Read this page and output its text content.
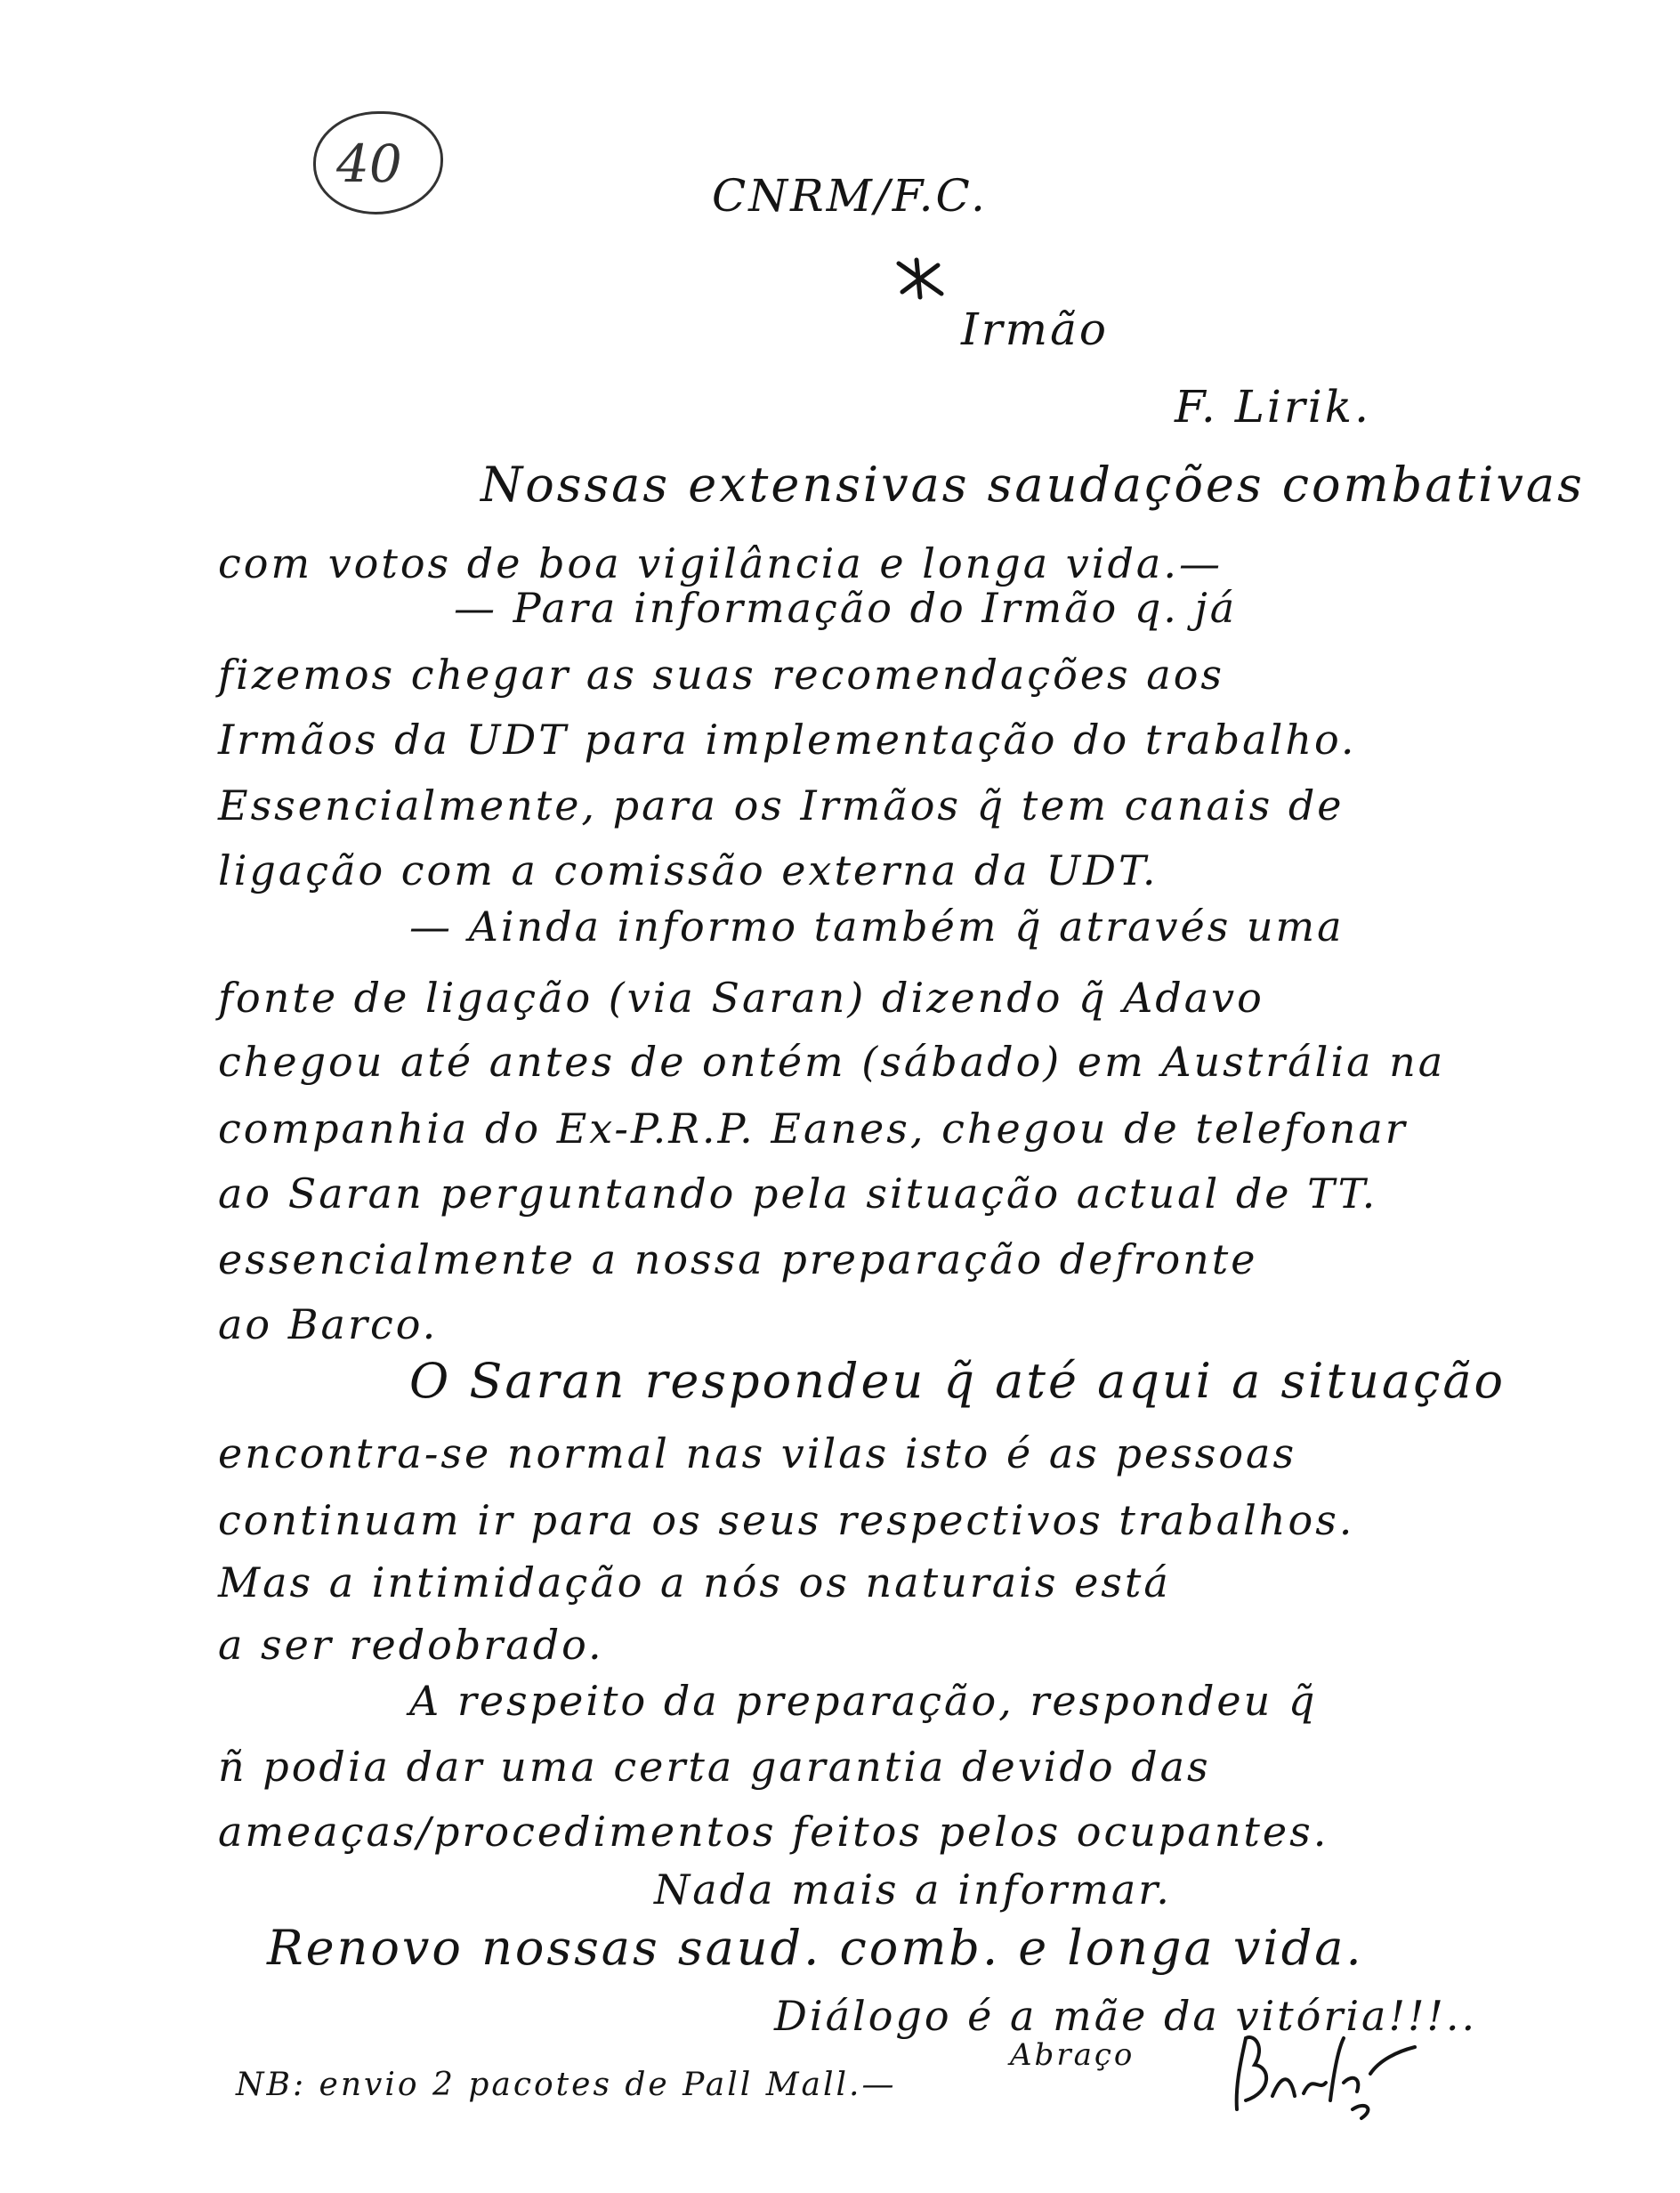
40
CNRM/F.C.
Irmão
F. Lirik.
Nossas extensivas saudações combativas
com votos de boa vigilância e longa vida.—
— Para informação do Irmão q. já
fizemos chegar as suas recomendações aos
Irmãos da UDT para implementação do trabalho.
Essencialmente, para os Irmãos q̃ tem canais de
ligação com a comissão externa da UDT.
— Ainda informo também q̃ através uma
fonte de ligação (via Saran) dizendo q̃ Adavo
chegou até antes de ontém (sábado) em Austrália na
companhia do Ex-P.R.P. Eanes, chegou de telefonar
ao Saran perguntando pela situação actual de TT.
essencialmente a nossa preparação defronte
ao Barco.
O Saran respondeu q̃ até aqui a situação
encontra-se normal nas vilas isto é as pessoas
continuam ir para os seus respectivos trabalhos.
Mas a intimidação a nós os naturais está
a ser redobrado.
A respeito da preparação, respondeu q̃
ñ podia dar uma certa garantia devido das
ameaças/procedimentos feitos pelos ocupantes.
Nada mais a informar.
Renovo nossas saud. comb. e longa vida.
Diálogo é a mãe da vitória!!!..
Abraço
NB: envio 2 pacotes de Pall Mall.—
